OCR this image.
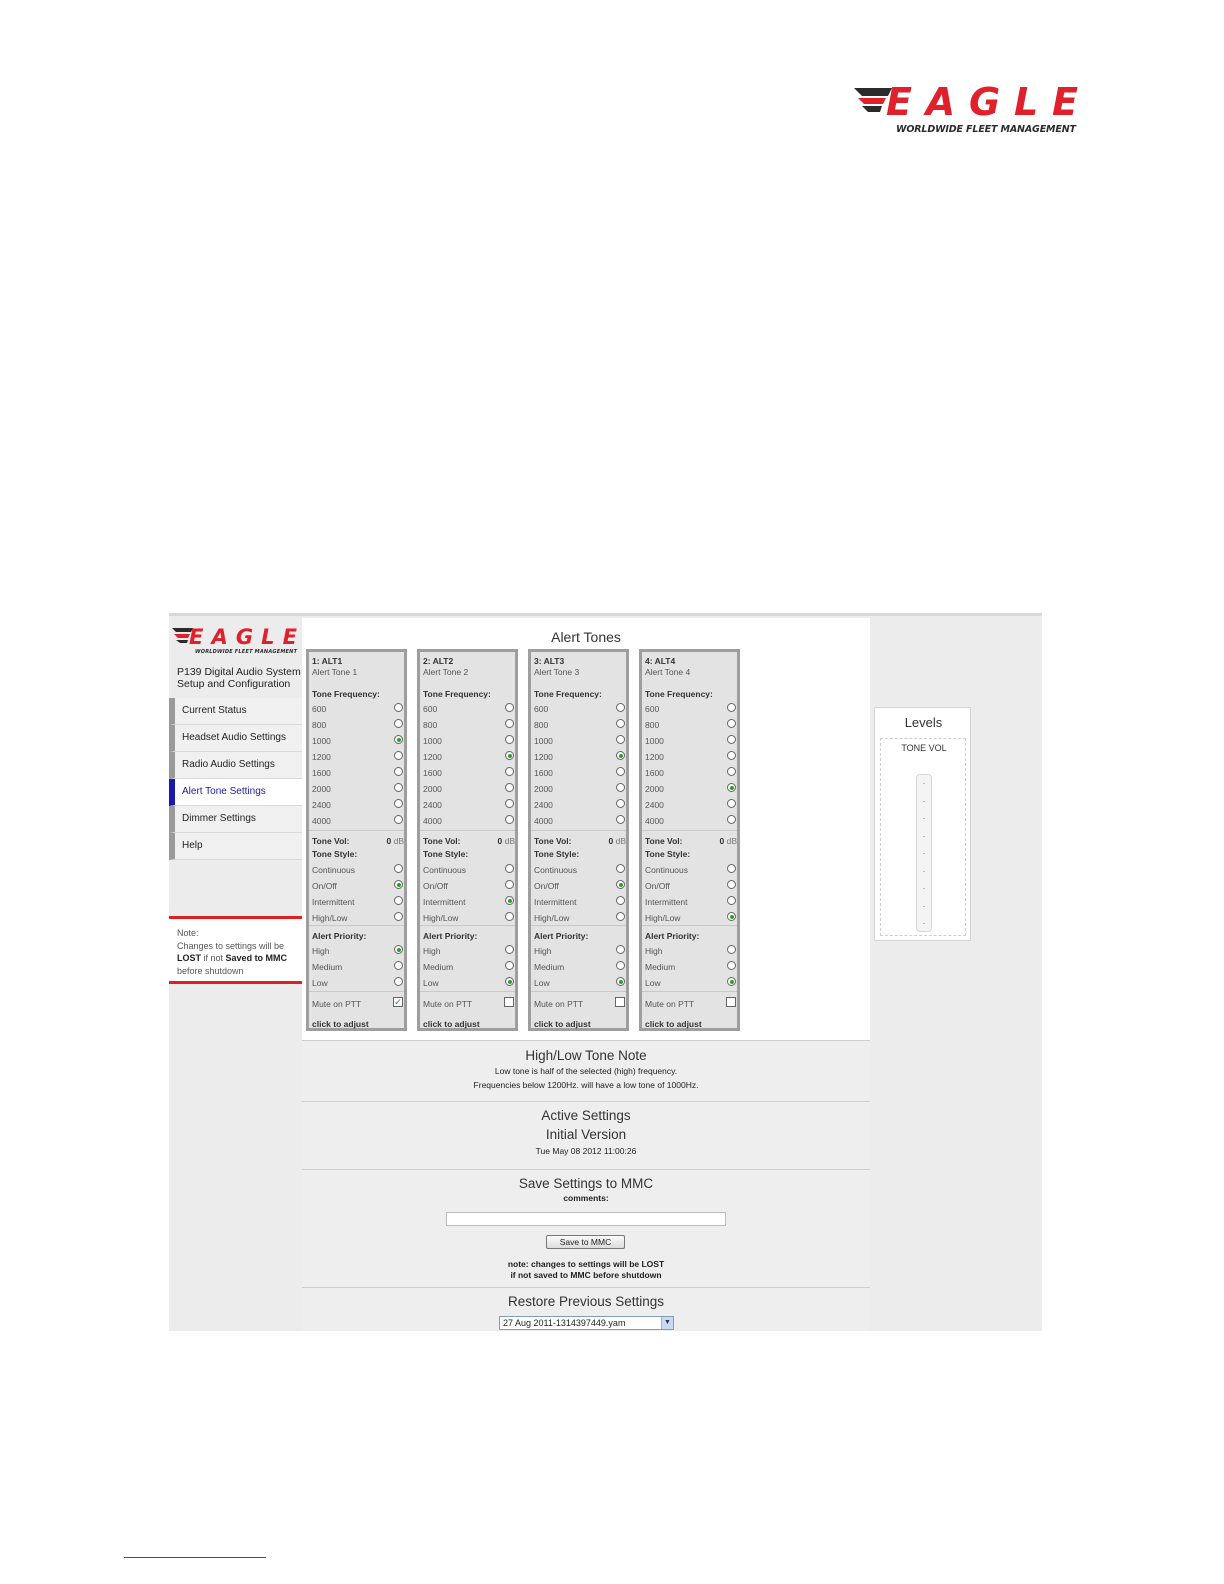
EAGLE
WORLDWIDE FLEET MANAGEMENT
EAGLE
WORLDWIDE FLEET MANAGEMENT
P139 Digital Audio System
Setup and Configuration
Current Status
Headset Audio Settings
Radio Audio Settings
Alert Tone Settings
Dimmer Settings
Help
Note:
Changes to settings will be
LOST if not Saved to MMC
before shutdown
Alert Tones
1: ALT1
Alert Tone 1
Tone Frequency:
600
800
1000
1200
1600
2000
2400
4000
Tone Vol:	0 dB
Tone Style:
Continuous
On/Off
Intermittent
High/Low
Alert Priority:
High
Medium
Low
Mute on PTT	✓
click to adjust
2: ALT2
Alert Tone 2
Tone Frequency:
600
800
1000
1200
1600
2000
2400
4000
Tone Vol:	0 dB
Tone Style:
Continuous
On/Off
Intermittent
High/Low
Alert Priority:
High
Medium
Low
Mute on PTT
click to adjust
3: ALT3
Alert Tone 3
Tone Frequency:
600
800
1000
1200
1600
2000
2400
4000
Tone Vol:	0 dB
Tone Style:
Continuous
On/Off
Intermittent
High/Low
Alert Priority:
High
Medium
Low
Mute on PTT
click to adjust
4: ALT4
Alert Tone 4
Tone Frequency:
600
800
1000
1200
1600
2000
2400
4000
Tone Vol:	0 dB
Tone Style:
Continuous
On/Off
Intermittent
High/Low
Alert Priority:
High
Medium
Low
Mute on PTT
click to adjust
High/Low Tone Note
Low tone is half of the selected (high) frequency.
Frequencies below 1200Hz. will have a low tone of 1000Hz.
Active Settings
Initial Version
Tue May 08 2012 11:00:26
Save Settings to MMC
comments:
Save to MMC
note: changes to settings will be LOST
if not saved to MMC before shutdown
Restore Previous Settings
27 Aug 2011-1314397449.yam	▼
Levels
TONE VOL
